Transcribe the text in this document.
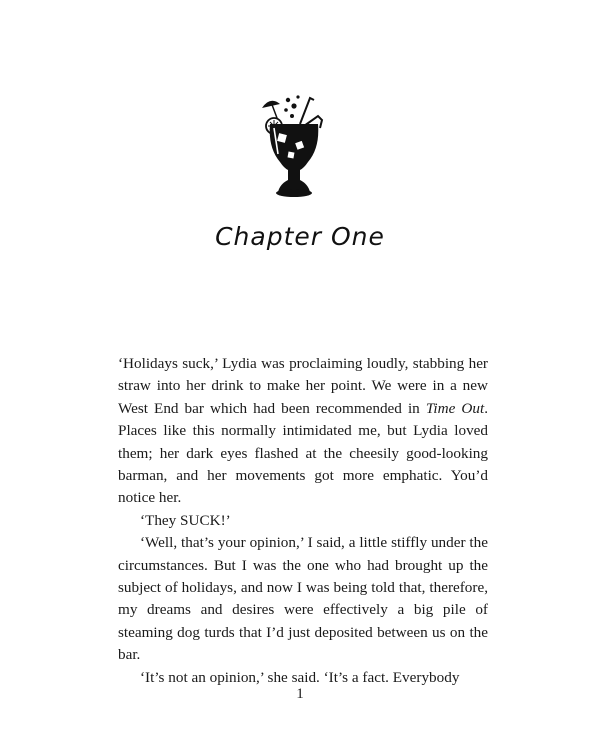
Chapter One

‘Holidays suck,’ Lydia was proclaiming loudly, stabbing her straw into her drink to make her point. We were in a new West End bar which had been recommended in Time Out. Places like this normally intimidated me, but Lydia loved them; her dark eyes flashed at the cheesily good-looking barman, and her movements got more emphatic. You’d notice her.

‘They SUCK!’

‘Well, that’s your opinion,’ I said, a little stiffly under the circumstances. But I was the one who had brought up the subject of holidays, and now I was being told that, therefore, my dreams and desires were effectively a big pile of steaming dog turds that I’d just deposited between us on the bar.

‘It’s not an opinion,’ she said. ‘It’s a fact. Everybody

1
